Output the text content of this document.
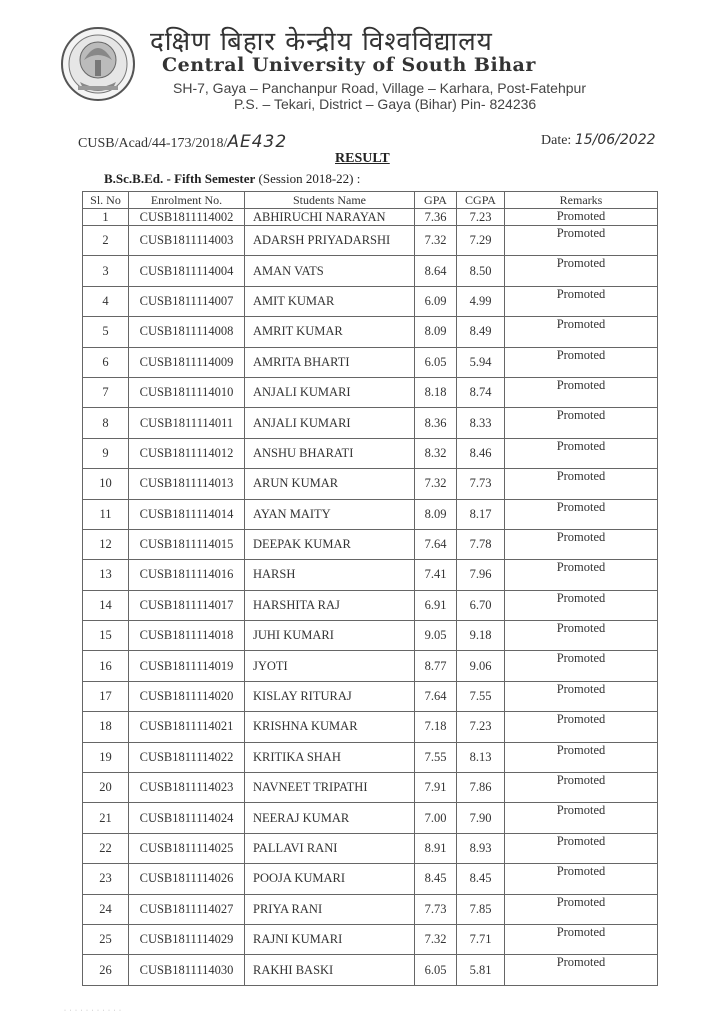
दक्षिण बिहार केन्द्रीय विश्वविद्यालय
Central University of South Bihar
SH-7, Gaya – Panchanpur Road, Village – Karhara, Post-Fatehpur
P.S. – Tekari, District – Gaya (Bihar) Pin- 824236
CUSB/Acad/44-173/2018/AE432	Date: 15/06/2022
RESULT
B.Sc.B.Ed. - Fifth Semester (Session 2018-22) :
Sl. No	Enrolment No.	Students Name	GPA	CGPA	Remarks
1	CUSB1811114002	ABHIRUCHI NARAYAN	7.36	7.23	Promoted
2	CUSB1811114003	ADARSH PRIYADARSHI	7.32	7.29	Promoted
3	CUSB1811114004	AMAN VATS	8.64	8.50	Promoted
4	CUSB1811114007	AMIT KUMAR	6.09	4.99	Promoted
5	CUSB1811114008	AMRIT KUMAR	8.09	8.49	Promoted
6	CUSB1811114009	AMRITA BHARTI	6.05	5.94	Promoted
7	CUSB1811114010	ANJALI KUMARI	8.18	8.74	Promoted
8	CUSB1811114011	ANJALI KUMARI	8.36	8.33	Promoted
9	CUSB1811114012	ANSHU BHARATI	8.32	8.46	Promoted
10	CUSB1811114013	ARUN KUMAR	7.32	7.73	Promoted
11	CUSB1811114014	AYAN MAITY	8.09	8.17	Promoted
12	CUSB1811114015	DEEPAK KUMAR	7.64	7.78	Promoted
13	CUSB1811114016	HARSH	7.41	7.96	Promoted
14	CUSB1811114017	HARSHITA RAJ	6.91	6.70	Promoted
15	CUSB1811114018	JUHI KUMARI	9.05	9.18	Promoted
16	CUSB1811114019	JYOTI	8.77	9.06	Promoted
17	CUSB1811114020	KISLAY RITURAJ	7.64	7.55	Promoted
18	CUSB1811114021	KRISHNA KUMAR	7.18	7.23	Promoted
19	CUSB1811114022	KRITIKA SHAH	7.55	8.13	Promoted
20	CUSB1811114023	NAVNEET TRIPATHI	7.91	7.86	Promoted
21	CUSB1811114024	NEERAJ KUMAR	7.00	7.90	Promoted
22	CUSB1811114025	PALLAVI RANI	8.91	8.93	Promoted
23	CUSB1811114026	POOJA KUMARI	8.45	8.45	Promoted
24	CUSB1811114027	PRIYA RANI	7.73	7.85	Promoted
25	CUSB1811114029	RAJNI KUMARI	7.32	7.71	Promoted
26	CUSB1811114030	RAKHI BASKI	6.05	5.81	Promoted
· · · · · · · · · · ·
